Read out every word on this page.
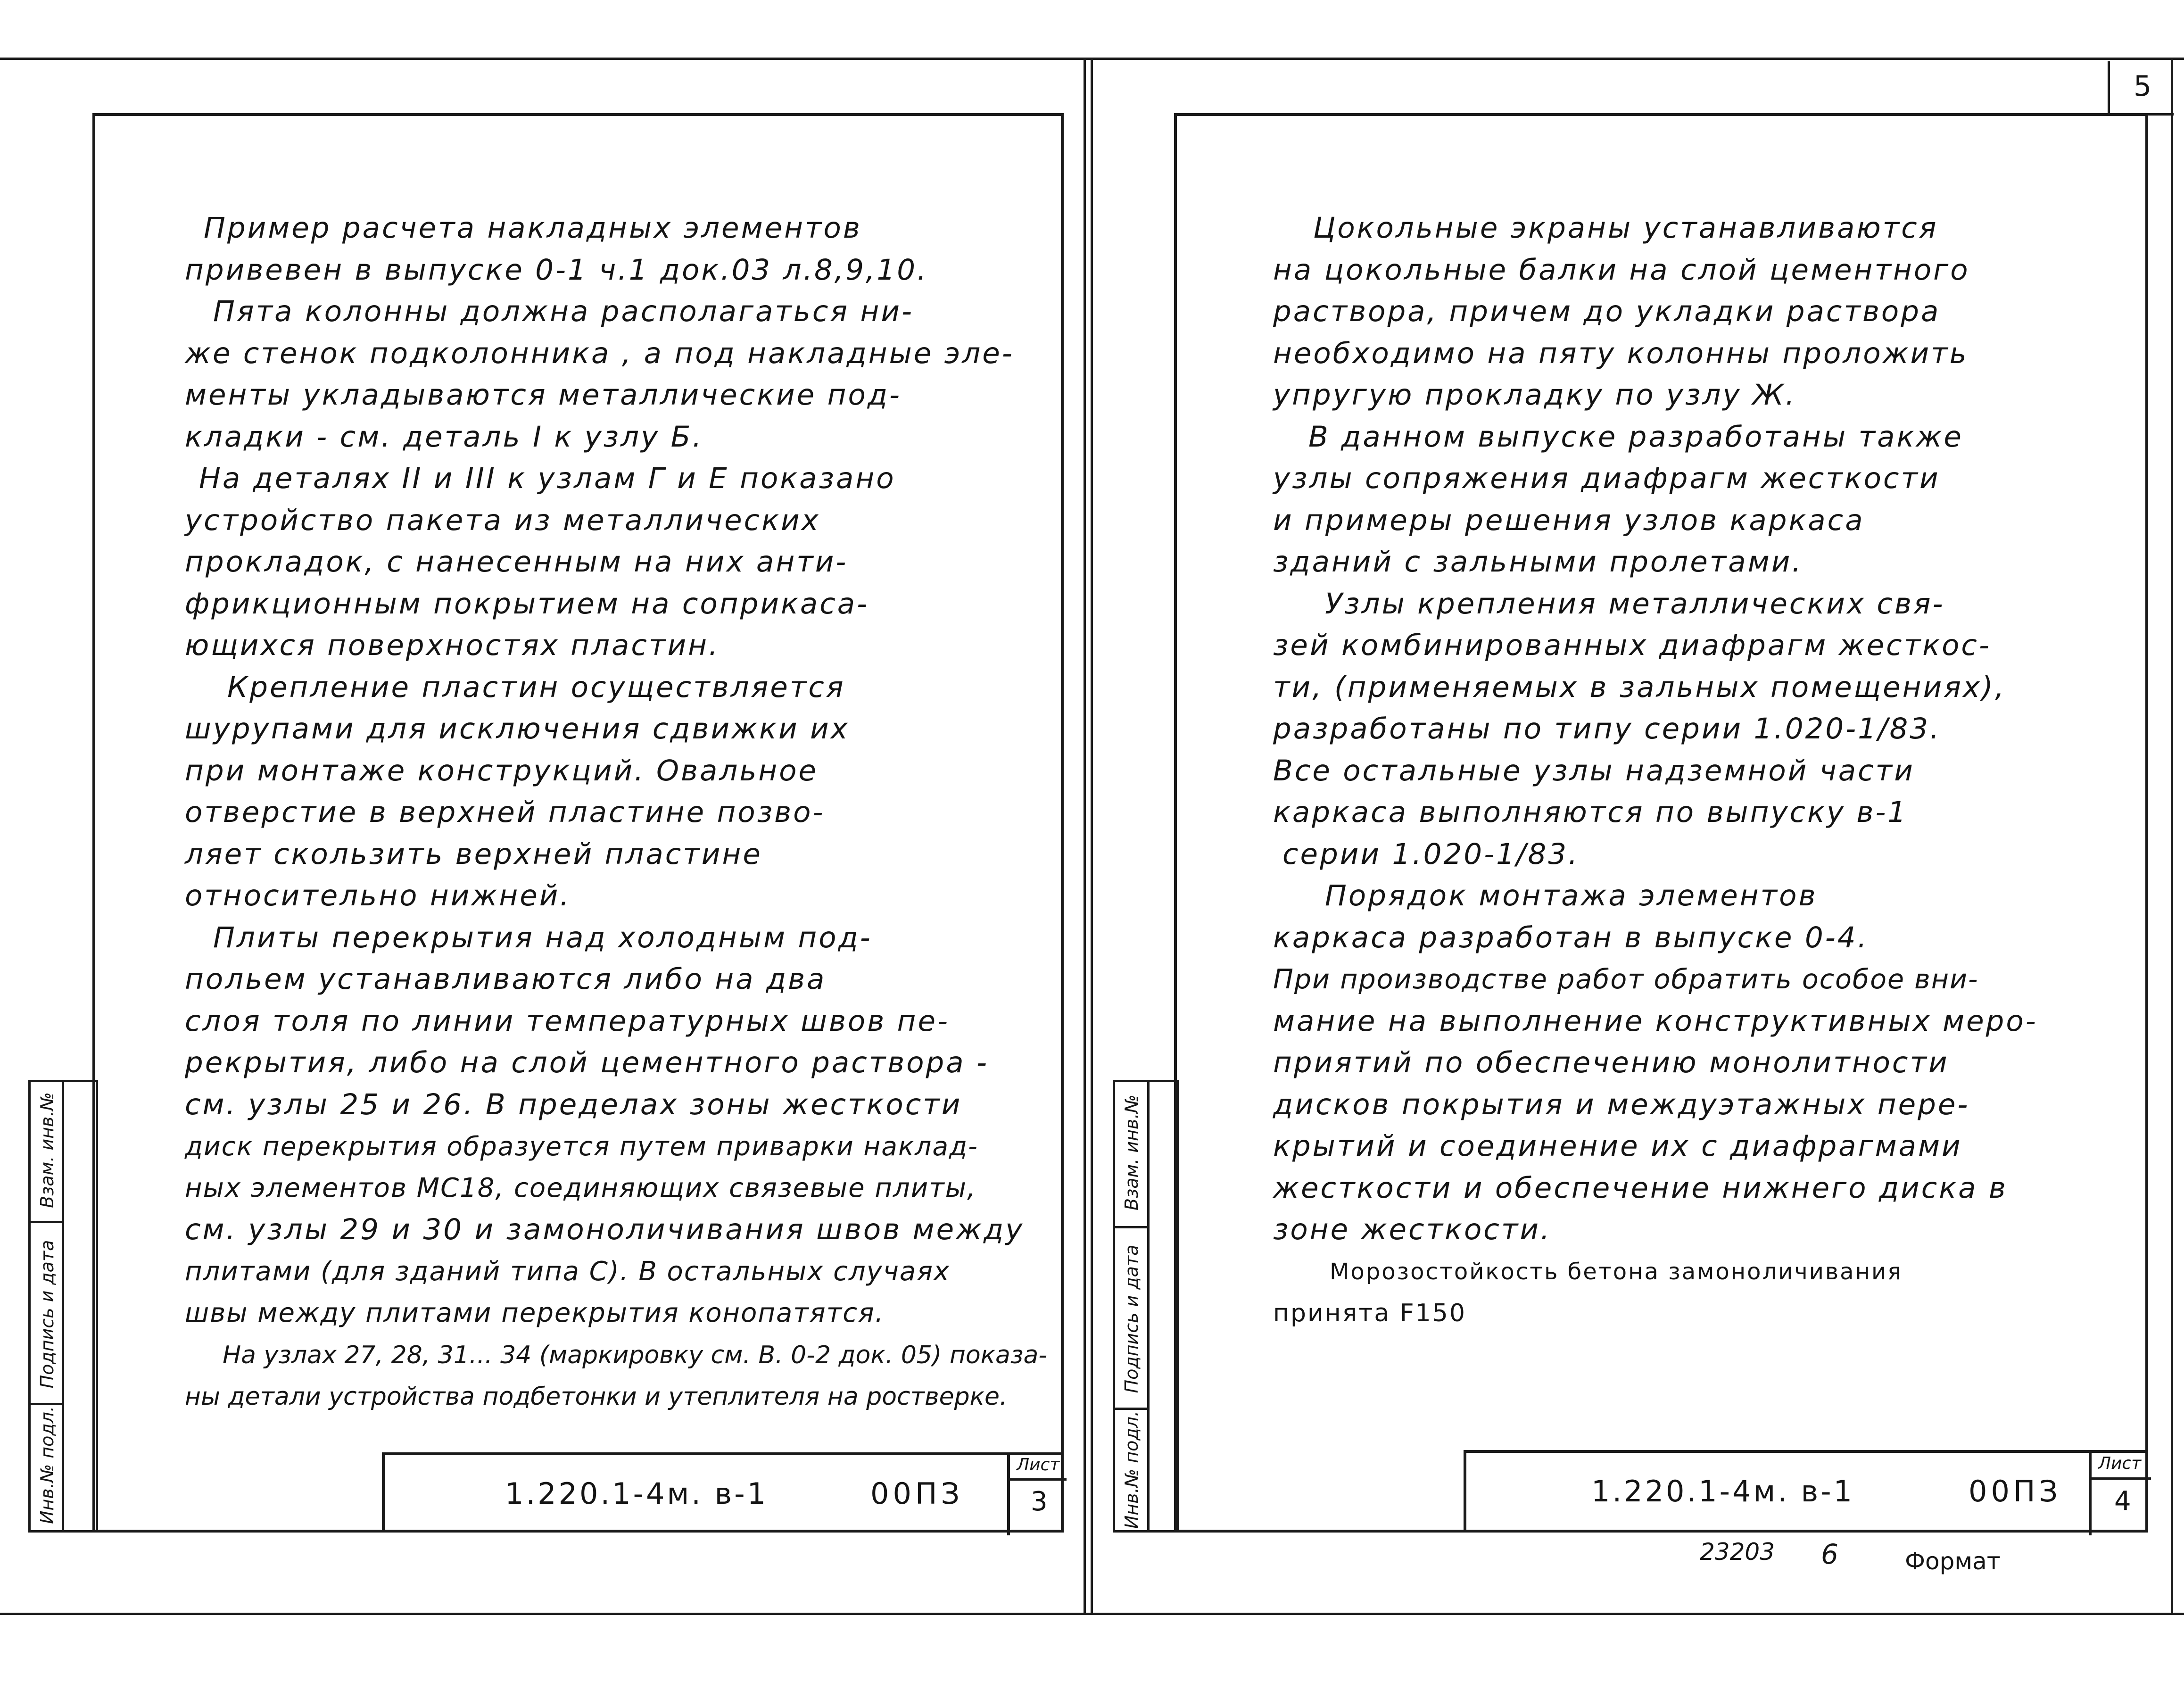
5
Пример расчета накладных элементов
привевен в выпуске 0-1 ч.1 док.03 л.8,9,10.
Пята колонны должна располагаться ни-
же стенок подколонника , а под накладные эле-
менты укладываются металлические под-
кладки - см. деталь I к узлу Б.
На деталях II и III к узлам Г и Е показано
устройство пакета из металлических
прокладок, с нанесенным на них анти-
фрикционным покрытием на соприкаса-
ющихся поверхностях пластин.
Крепление пластин осуществляется
шурупами для исключения сдвижки их
при монтаже конструкций. Овальное
отверстие в верхней пластине позво-
ляет скользить верхней пластине
относительно нижней.
Плиты перекрытия над холодным под-
польем устанавливаются либо на два
слоя толя по линии температурных швов пе-
рекрытия, либо на слой цементного раствора -
см. узлы 25 и 26. В пределах зоны жесткости
диск перекрытия образуется путем приварки наклад-
ных элементов МС18, соединяющих связевые плиты,
см. узлы 29 и 30 и замоноличивания швов между
плитами (для зданий типа С). В остальных случаях
швы между плитами перекрытия конопатятся.
На узлах 27, 28, 31... 34 (маркировку см. В. 0-2 док. 05) показа-
ны детали устройства подбетонки и утеплителя на ростверке.
1.220.1-4м. в-1	00ПЗ
Лист
3
Взам. инв.№
Подпись и дата
Инв.№ подл.
Цокольные экраны устанавливаются
на цокольные балки на слой цементного
раствора, причем до укладки раствора
необходимо на пяту колонны проложить
упругую прокладку по узлу Ж.
В данном выпуске разработаны также
узлы сопряжения диафрагм жесткости
и примеры решения узлов каркаса
зданий с зальными пролетами.
Узлы крепления металлических свя-
зей комбинированных диафрагм жесткос-
ти, (применяемых в зальных помещениях),
разработаны по типу серии 1.020-1/83.
Все остальные узлы надземной части
каркаса выполняются по выпуску в-1
серии 1.020-1/83.
Порядок монтажа элементов
каркаса разработан в выпуске 0-4.
При производстве работ обратить особое вни-
мание на выполнение конструктивных меро-
приятий по обеспечению монолитности
дисков покрытия и междуэтажных пере-
крытий и соединение их с диафрагмами
жесткости и обеспечение нижнего диска в
зоне жесткости.
Морозостойкость бетона замоноличивания
принята F150
1.220.1-4м. в-1	00ПЗ
Лист
4
Взам. инв.№
Подпись и дата
Инв.№ подл.
23203 6	Формат
